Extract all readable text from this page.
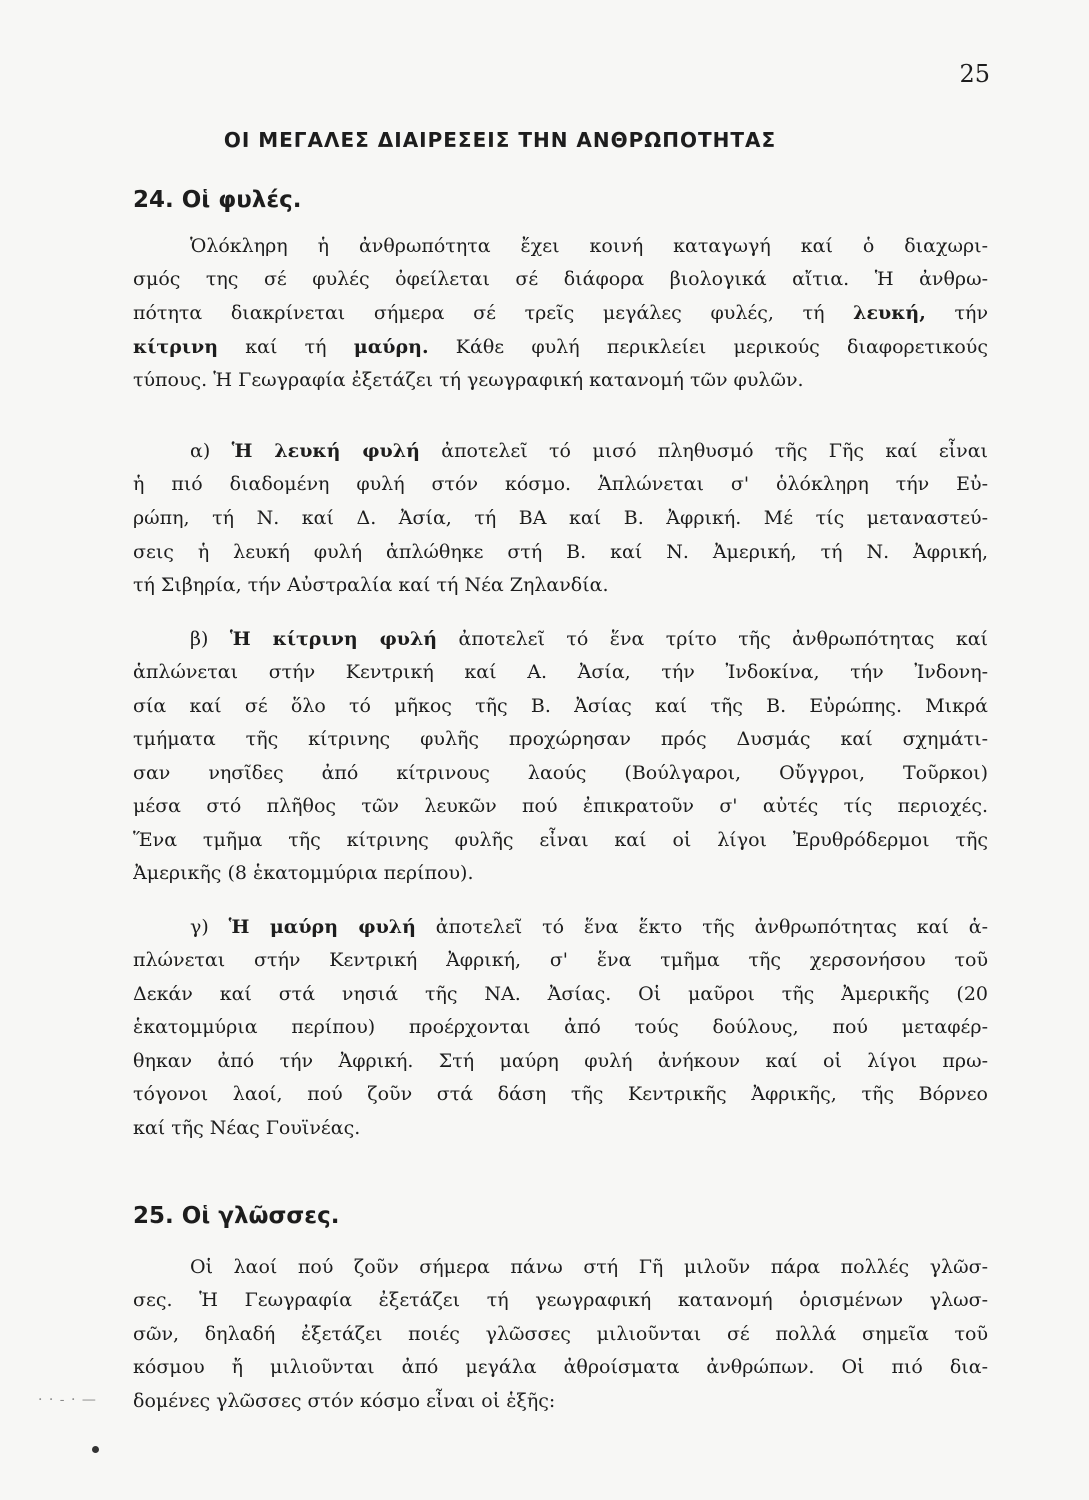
25
ΟΙ ΜΕΓΑΛΕΣ ΔΙΑΙΡΕΣΕΙΣ ΤΗΝ ΑΝΘΡΩΠΟΤΗΤΑΣ
24. Οἱ φυλές.
25. Οἱ γλῶσσες.
Ὁλόκληρη ἡ ἀνθρωπότητα ἔχει κοινή καταγωγή καί ὁ διαχωρι-
σμός της σέ φυλές ὀφείλεται σέ διάφορα βιολογικά αἴτια. Ἡ ἀνθρω-
πότητα διακρίνεται σήμερα σέ τρεῖς μεγάλες φυλές, τή λευκή, τήν
κίτρινη καί τή μαύρη. Κάθε φυλή περικλείει μερικούς διαφορετικούς
τύπους. Ἡ Γεωγραφία ἐξετάζει τή γεωγραφική κατανομή τῶν φυλῶν.
α) Ἡ λευκή φυλή ἀποτελεῖ τό μισό πληθυσμό τῆς Γῆς καί εἶναι
ἡ πιό διαδομένη φυλή στόν κόσμο. Ἁπλώνεται σ' ὁλόκληρη τήν Εὐ-
ρώπη, τή Ν. καί Δ. Ἀσία, τή ΒΑ καί Β. Ἀφρική. Μέ τίς μεταναστεύ-
σεις ἡ λευκή φυλή ἁπλώθηκε στή Β. καί Ν. Ἀμερική, τή Ν. Ἀφρική,
τή Σιβηρία, τήν Αὐστραλία καί τή Νέα Ζηλανδία.
β) Ἡ κίτρινη φυλή ἀποτελεῖ τό ἕνα τρίτο τῆς ἀνθρωπότητας καί
ἁπλώνεται στήν Κεντρική καί Α. Ἀσία, τήν Ἰνδοκίνα, τήν Ἰνδονη-
σία καί σέ ὅλο τό μῆκος τῆς Β. Ἀσίας καί τῆς Β. Εὐρώπης. Μικρά
τμήματα τῆς κίτρινης φυλῆς προχώρησαν πρός Δυσμάς καί σχημάτι-
σαν νησῖδες ἀπό κίτρινους λαούς (Βούλγαροι, Οὔγγροι, Τοῦρκοι)
μέσα στό πλῆθος τῶν λευκῶν πού ἐπικρατοῦν σ' αὐτές τίς περιοχές.
Ἕνα τμῆμα τῆς κίτρινης φυλῆς εἶναι καί οἱ λίγοι Ἐρυθρόδερμοι τῆς
Ἀμερικῆς (8 ἑκατομμύρια περίπου).
γ) Ἡ μαύρη φυλή ἀποτελεῖ τό ἕνα ἕκτο τῆς ἀνθρωπότητας καί ἁ-
πλώνεται στήν Κεντρική Ἀφρική, σ' ἕνα τμῆμα τῆς χερσονήσου τοῦ
Δεκάν καί στά νησιά τῆς ΝΑ. Ἀσίας. Οἱ μαῦροι τῆς Ἀμερικῆς (20
ἑκατομμύρια περίπου) προέρχονται ἀπό τούς δούλους, πού μεταφέρ-
θηκαν ἀπό τήν Ἀφρική. Στή μαύρη φυλή ἀνήκουν καί οἱ λίγοι πρω-
τόγονοι λαοί, πού ζοῦν στά δάση τῆς Κεντρικῆς Ἀφρικῆς, τῆς Βόρνεο
καί τῆς Νέας Γουϊνέας.
Οἱ λαοί πού ζοῦν σήμερα πάνω στή Γῆ μιλοῦν πάρα πολλές γλῶσ-
σες. Ἡ Γεωγραφία ἐξετάζει τή γεωγραφική κατανομή ὁρισμένων γλωσ-
σῶν, δηλαδή ἐξετάζει ποιές γλῶσσες μιλιοῦνται σέ πολλά σημεῖα τοῦ
κόσμου ἤ μιλιοῦνται ἀπό μεγάλα ἀθροίσματα ἀνθρώπων. Οἱ πιό δια-
δομένες γλῶσσες στόν κόσμο εἶναι οἱ ἑξῆς:
· · - · —
